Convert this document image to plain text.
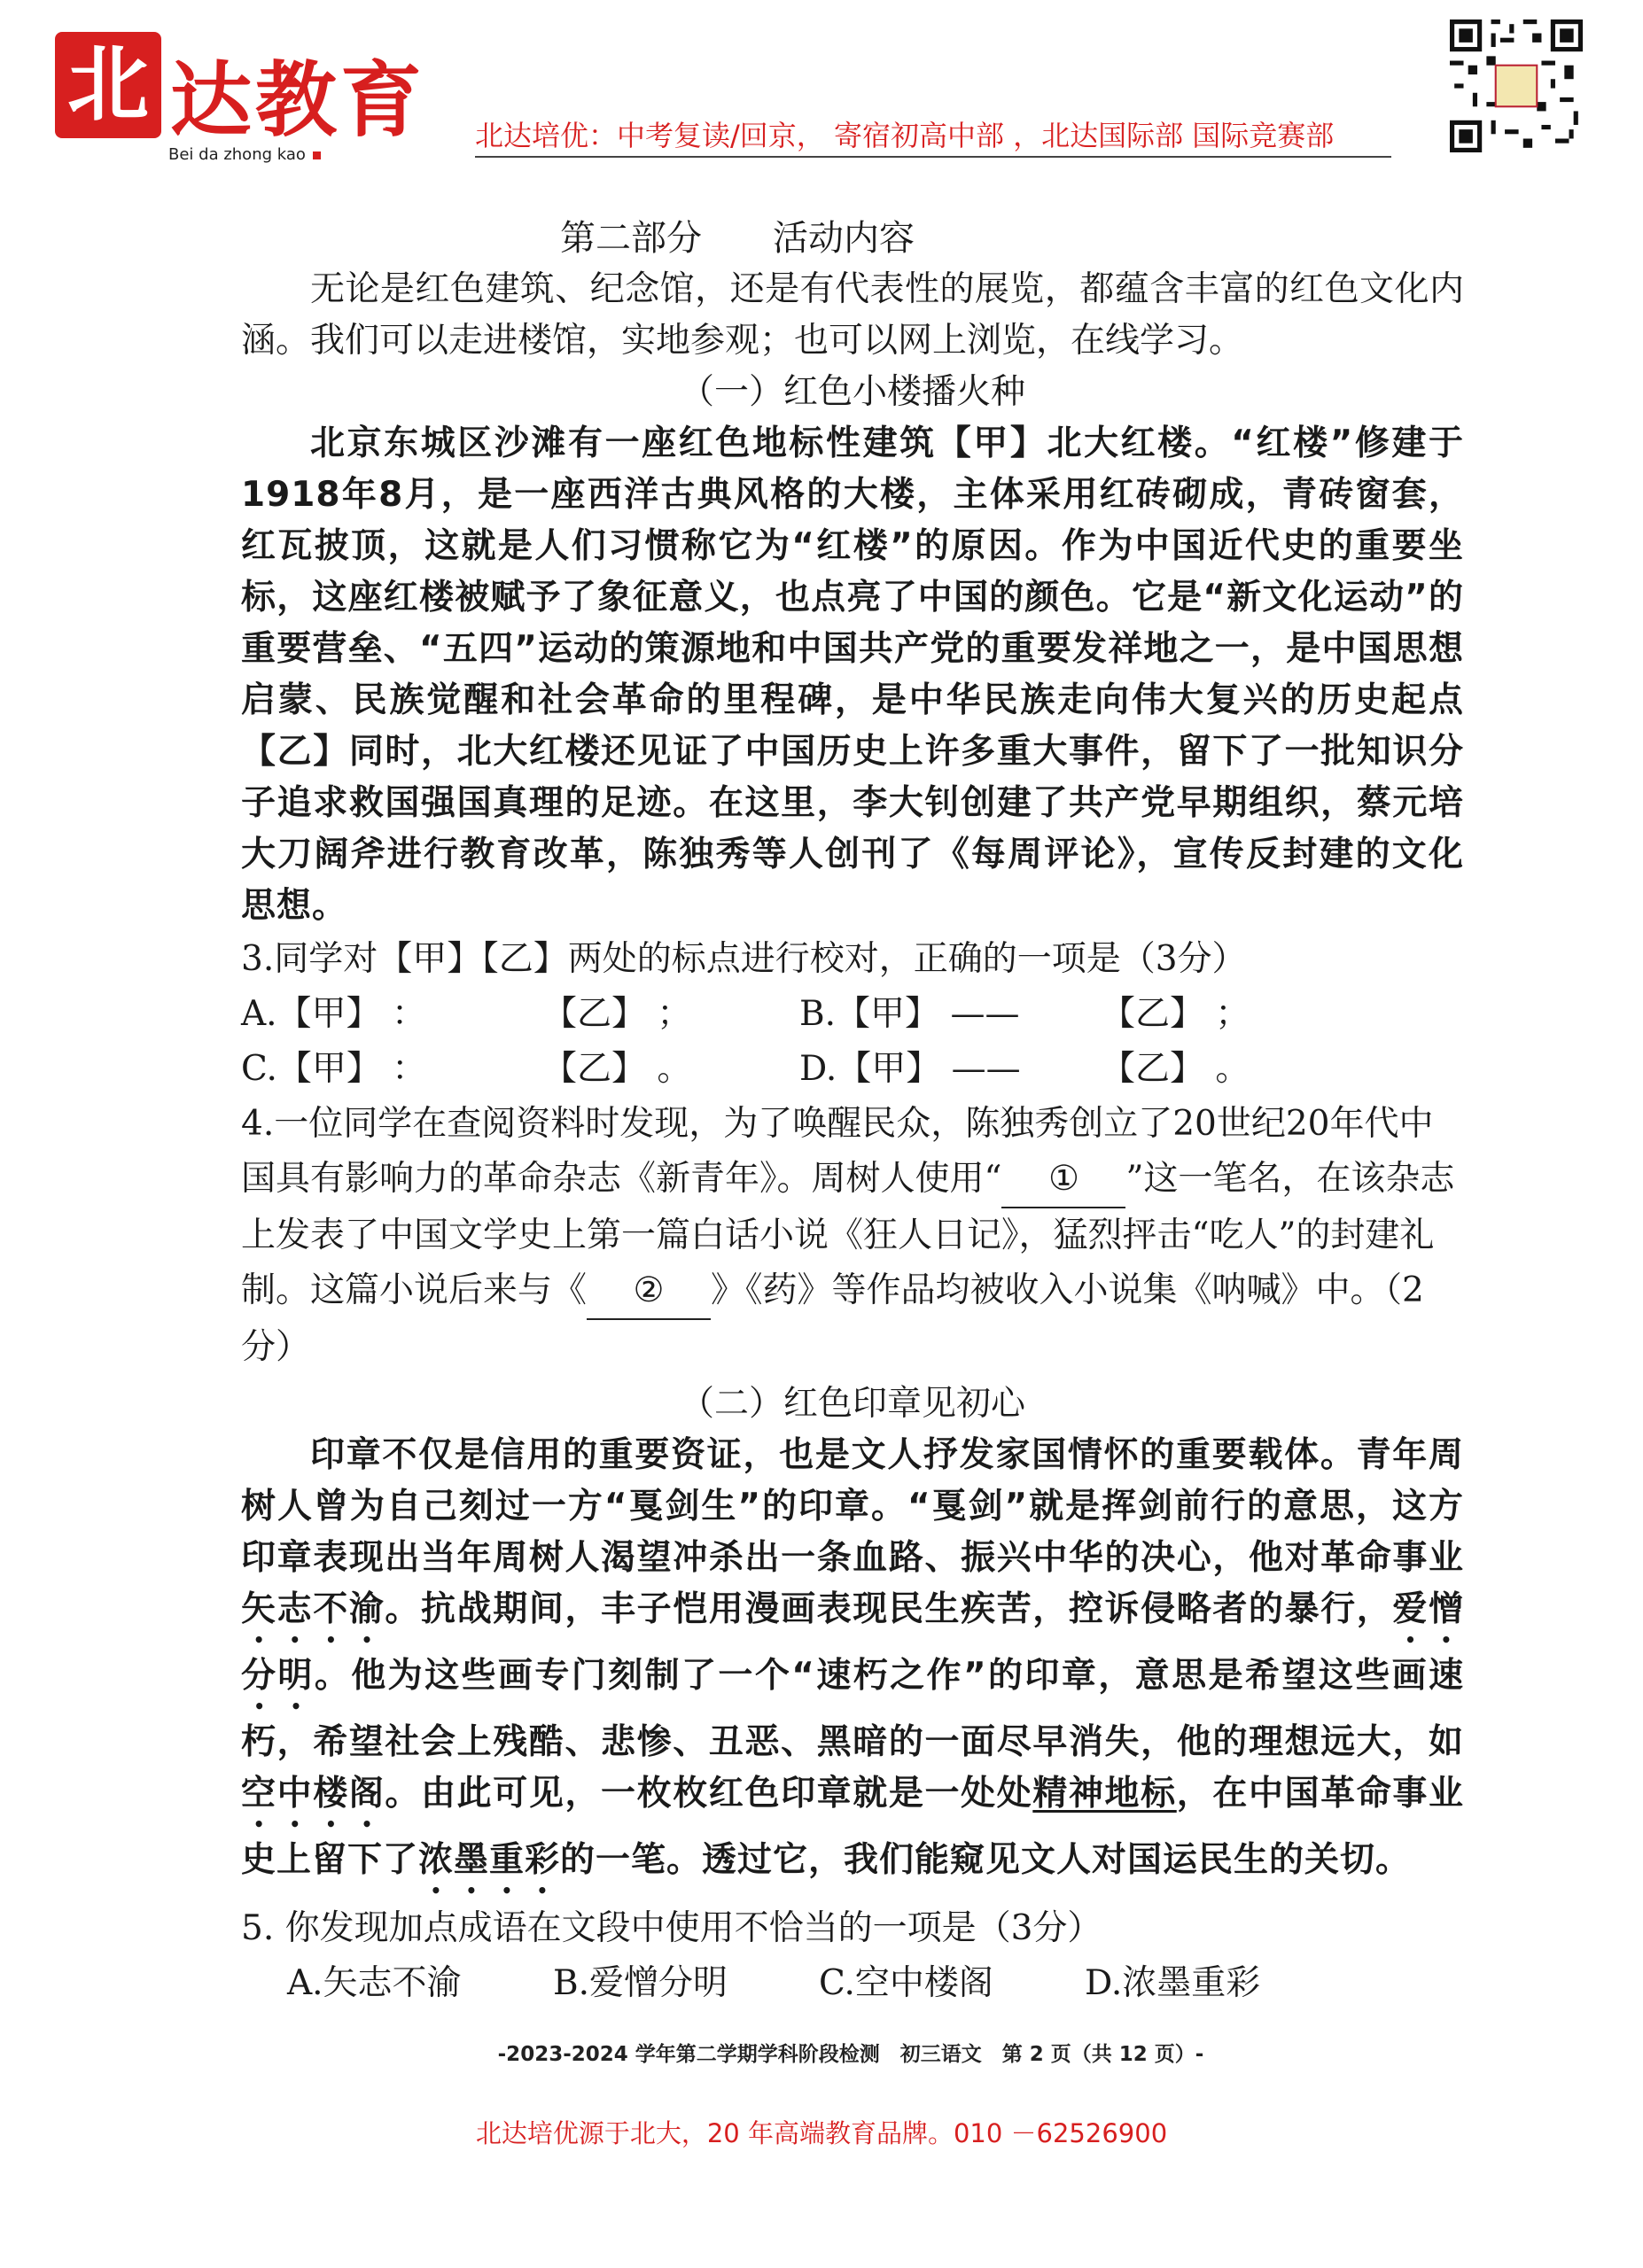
北 达教育
Bei da zhong kao
北达培优：中考复读/回京， 寄宿初高中部 ，北达国际部 国际竞赛部
第二部分　　活动内容

无论是红色建筑、纪念馆，还是有代表性的展览，都蕴含丰富的红色文化内涵。我们可以走进楼馆，实地参观；也可以网上浏览，在线学习。

（一）红色小楼播火种

北京东城区沙滩有一座红色地标性建筑【甲】北大红楼。“红楼”修建于1918年8月，是一座西洋古典风格的大楼，主体采用红砖砌成，青砖窗套，红瓦披顶，这就是人们习惯称它为“红楼”的原因。作为中国近代史的重要坐标，这座红楼被赋予了象征意义，也点亮了中国的颜色。它是“新文化运动”的重要营垒、“五四”运动的策源地和中国共产党的重要发祥地之一，是中国思想启蒙、民族觉醒和社会革命的里程碑，是中华民族走向伟大复兴的历史起点【乙】同时，北大红楼还见证了中国历史上许多重大事件，留下了一批知识分子追求救国强国真理的足迹。在这里，李大钊创建了共产党早期组织，蔡元培大刀阔斧进行教育改革，陈独秀等人创刊了《每周评论》，宣传反封建的文化思想。

3.同学对【甲】【乙】两处的标点进行校对，正确的一项是（3分）

A.【甲】 ：	【乙】 ；	B.【甲】 ——	【乙】 ；
C.【甲】 ：	【乙】 。	D.【甲】 ——	【乙】 。

4.一位同学在查阅资料时发现，为了唤醒民众，陈独秀创立了20世纪20年代中国具有影响力的革命杂志《新青年》。周树人使用“ ① ”这一笔名，在该杂志上发表了中国文学史上第一篇白话小说《狂人日记》，猛烈抨击“吃人”的封建礼制。这篇小说后来与《 ② 》《药》等作品均被收入小说集《呐喊》中。（2分）

（二）红色印章见初心

印章不仅是信用的重要资证，也是文人抒发家国情怀的重要载体。青年周树人曾为自己刻过一方“戛剑生”的印章。“戛剑”就是挥剑前行的意思，这方印章表现出当年周树人渴望冲杀出一条血路、振兴中华的决心，他对革命事业矢志不渝。抗战期间，丰子恺用漫画表现民生疾苦，控诉侵略者的暴行，爱憎分明。他为这些画专门刻制了一个“速朽之作”的印章，意思是希望这些画速朽，希望社会上残酷、悲惨、丑恶、黑暗的一面尽早消失，他的理想远大，如空中楼阁。由此可见，一枚枚红色印章就是一处处精神地标，在中国革命事业史上留下了浓墨重彩的一笔。透过它，我们能窥见文人对国运民生的关切。

5. 你发现加点成语在文段中使用不恰当的一项是（3分）

A.矢志不渝	B.爱憎分明	C.空中楼阁	D.浓墨重彩
-2023-2024 学年第二学期学科阶段检测　初三语文　第 2 页（共 12 页）-
北达培优源于北大，20 年高端教育品牌。010 －62526900
